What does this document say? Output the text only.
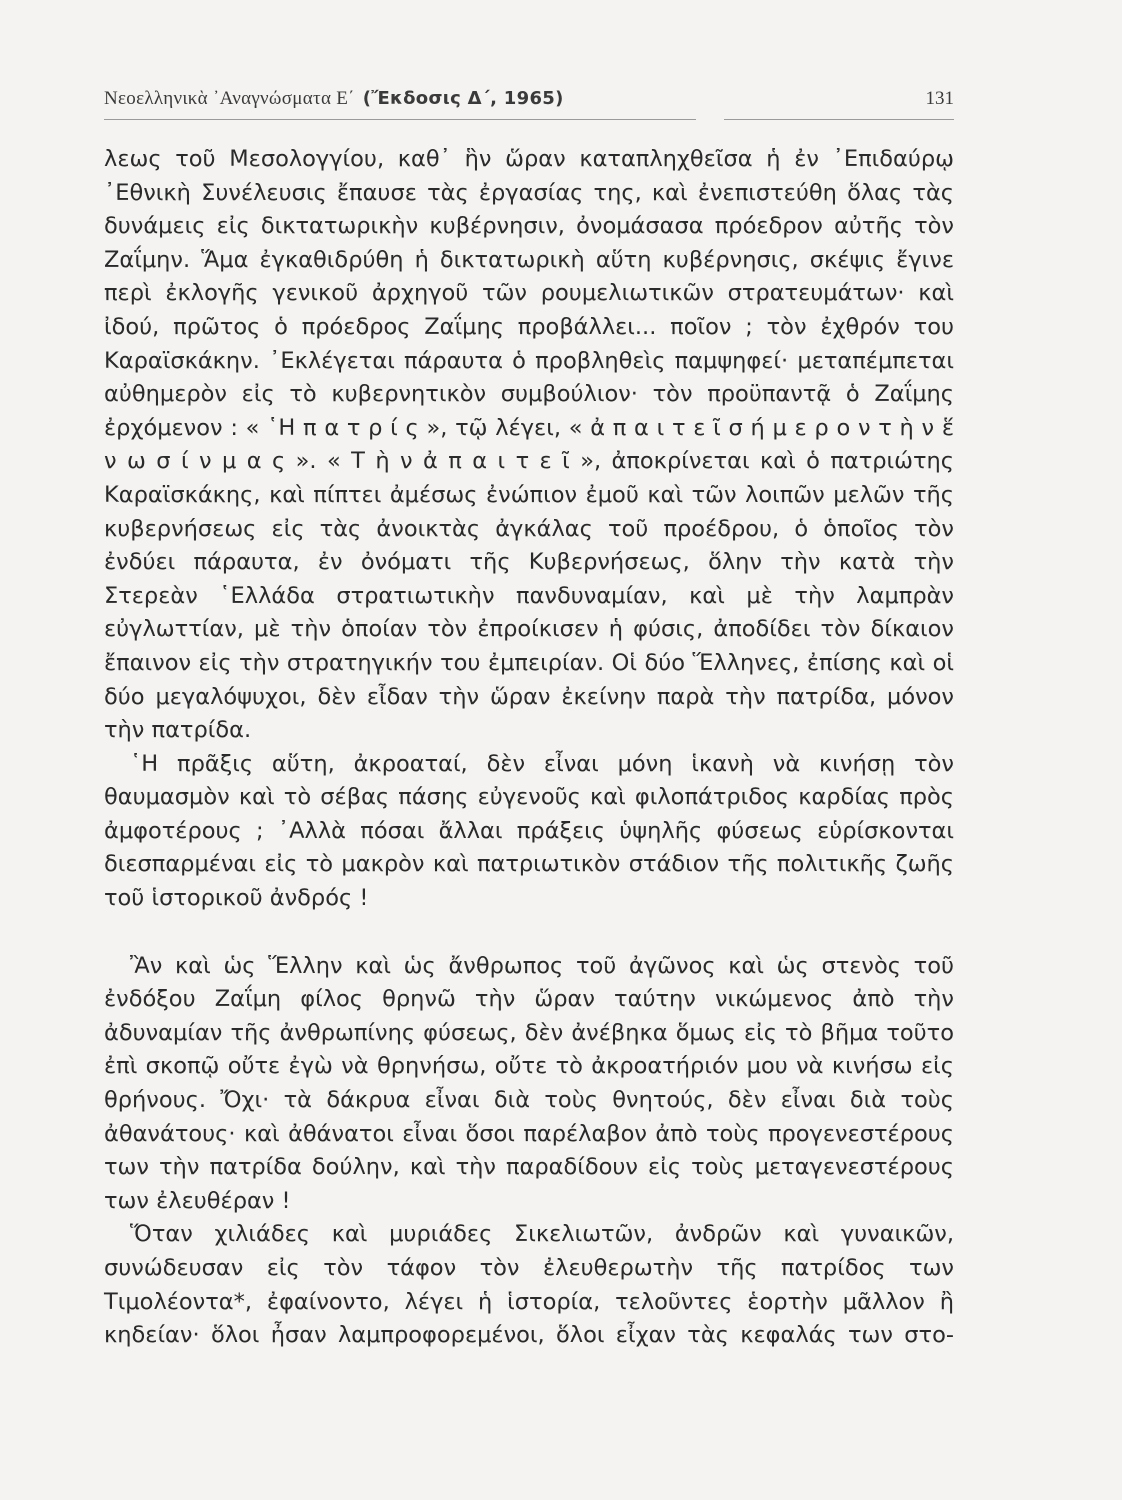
Νεοελληνικὰ ᾿Αναγνώσματα Ε΄ (Ἔκδοσις Δ΄, 1965)	131

λεως τοῦ Μεσολογγίου, καθ᾽ ἣν ὥραν καταπληχθεῖσα ἡ ἐν ᾿Επιδαύρῳ ᾿Εθνικὴ Συνέλευσις ἔπαυσε τὰς ἐργασίας της, καὶ ἐνεπιστεύθη ὅλας τὰς δυνάμεις εἰς δικτατωρικὴν κυβέρνησιν, ὀνομάσασα πρόεδρον αὐτῆς τὸν Ζαΐμην. Ἅμα ἐγκαθιδρύθη ἡ δικτατωρικὴ αὕτη κυβέρνησις, σκέψις ἔγινε περὶ ἐκλογῆς γενικοῦ ἀρχηγοῦ τῶν ρουμελιωτικῶν στρατευμάτων· καὶ ἰδού, πρῶτος ὁ πρόεδρος Ζαΐμης προβάλλει... ποῖον ; τὸν ἐχθρόν του Καραϊσκάκην. ᾿Εκλέγεται πάραυτα ὁ προβληθεὶς παμψηφεί· μεταπέμπεται αὐθημερὸν εἰς τὸ κυβερνητικὸν συμβούλιον· τὸν προϋπαντᾷ ὁ Ζαΐμης ἐρχόμενον : « ῾Η π α τ ρ ί ς », τῷ λέγει, « ἀ π α ι τ ε ῖ σ ή μ ε ρ ο ν τ ὴ ν ἕ ν ω σ ί ν μ α ς ». « Τ ὴ ν ἀ π α ι τ ε ῖ », ἀποκρίνεται καὶ ὁ πατριώτης Καραϊσκάκης, καὶ πίπτει ἀμέσως ἐνώπιον ἐμοῦ καὶ τῶν λοιπῶν μελῶν τῆς κυβερνήσεως εἰς τὰς ἀνοικτὰς ἀγκάλας τοῦ προέδρου, ὁ ὁποῖος τὸν ἐνδύει πάραυτα, ἐν ὀνόματι τῆς Κυβερνήσεως, ὅλην τὴν κατὰ τὴν Στερεὰν ῾Ελλάδα στρατιωτικὴν πανδυναμίαν, καὶ μὲ τὴν λαμπρὰν εὐγλωττίαν, μὲ τὴν ὁποίαν τὸν ἐπροίκισεν ἡ φύσις, ἀποδίδει τὸν δίκαιον ἔπαινον εἰς τὴν στρατηγικήν του ἐμπειρίαν. Οἱ δύο Ἕλληνες, ἐπίσης καὶ οἱ δύο μεγαλόψυχοι, δὲν εἶδαν τὴν ὥραν ἐκείνην παρὰ τὴν πατρίδα, μόνον τὴν πατρίδα.

῾Η πρᾶξις αὕτη, ἀκροαταί, δὲν εἶναι μόνη ἱκανὴ νὰ κινήσῃ τὸν θαυμασμὸν καὶ τὸ σέβας πάσης εὐγενοῦς καὶ φιλοπάτριδος καρδίας πρὸς ἀμφοτέρους ; ᾿Αλλὰ πόσαι ἄλλαι πράξεις ὑψηλῆς φύσεως εὑρίσκονται διεσπαρμέναι εἰς τὸ μακρὸν καὶ πατριωτικὸν στάδιον τῆς πολιτικῆς ζωῆς τοῦ ἱστορικοῦ ἀνδρός !

Ἂν καὶ ὡς Ἕλλην καὶ ὡς ἄνθρωπος τοῦ ἀγῶνος καὶ ὡς στενὸς τοῦ ἐνδόξου Ζαΐμη φίλος θρηνῶ τὴν ὥραν ταύτην νικώμενος ἀπὸ τὴν ἀδυναμίαν τῆς ἀνθρωπίνης φύσεως, δὲν ἀνέβηκα ὅμως εἰς τὸ βῆμα τοῦτο ἐπὶ σκοπῷ οὔτε ἐγὼ νὰ θρηνήσω, οὔτε τὸ ἀκροατήριόν μου νὰ κινήσω εἰς θρήνους. Ὄχι· τὰ δάκρυα εἶναι διὰ τοὺς θνητούς, δὲν εἶναι διὰ τοὺς ἀθανάτους· καὶ ἀθάνατοι εἶναι ὅσοι παρέλαβον ἀπὸ τοὺς προγενεστέρους των τὴν πατρίδα δούλην, καὶ τὴν παραδίδουν εἰς τοὺς μεταγενεστέρους των ἐλευθέραν !

Ὅταν χιλιάδες καὶ μυριάδες Σικελιωτῶν, ἀνδρῶν καὶ γυναικῶν, συνώδευσαν εἰς τὸν τάφον τὸν ἐλευθερωτὴν τῆς πατρίδος των Τιμολέοντα*, ἐφαίνοντο, λέγει ἡ ἱστορία, τελοῦντες ἑορτὴν μᾶλλον ἢ κηδείαν· ὅλοι ἦσαν λαμπροφορεμένοι, ὅλοι εἶχαν τὰς κεφαλάς των στο-
